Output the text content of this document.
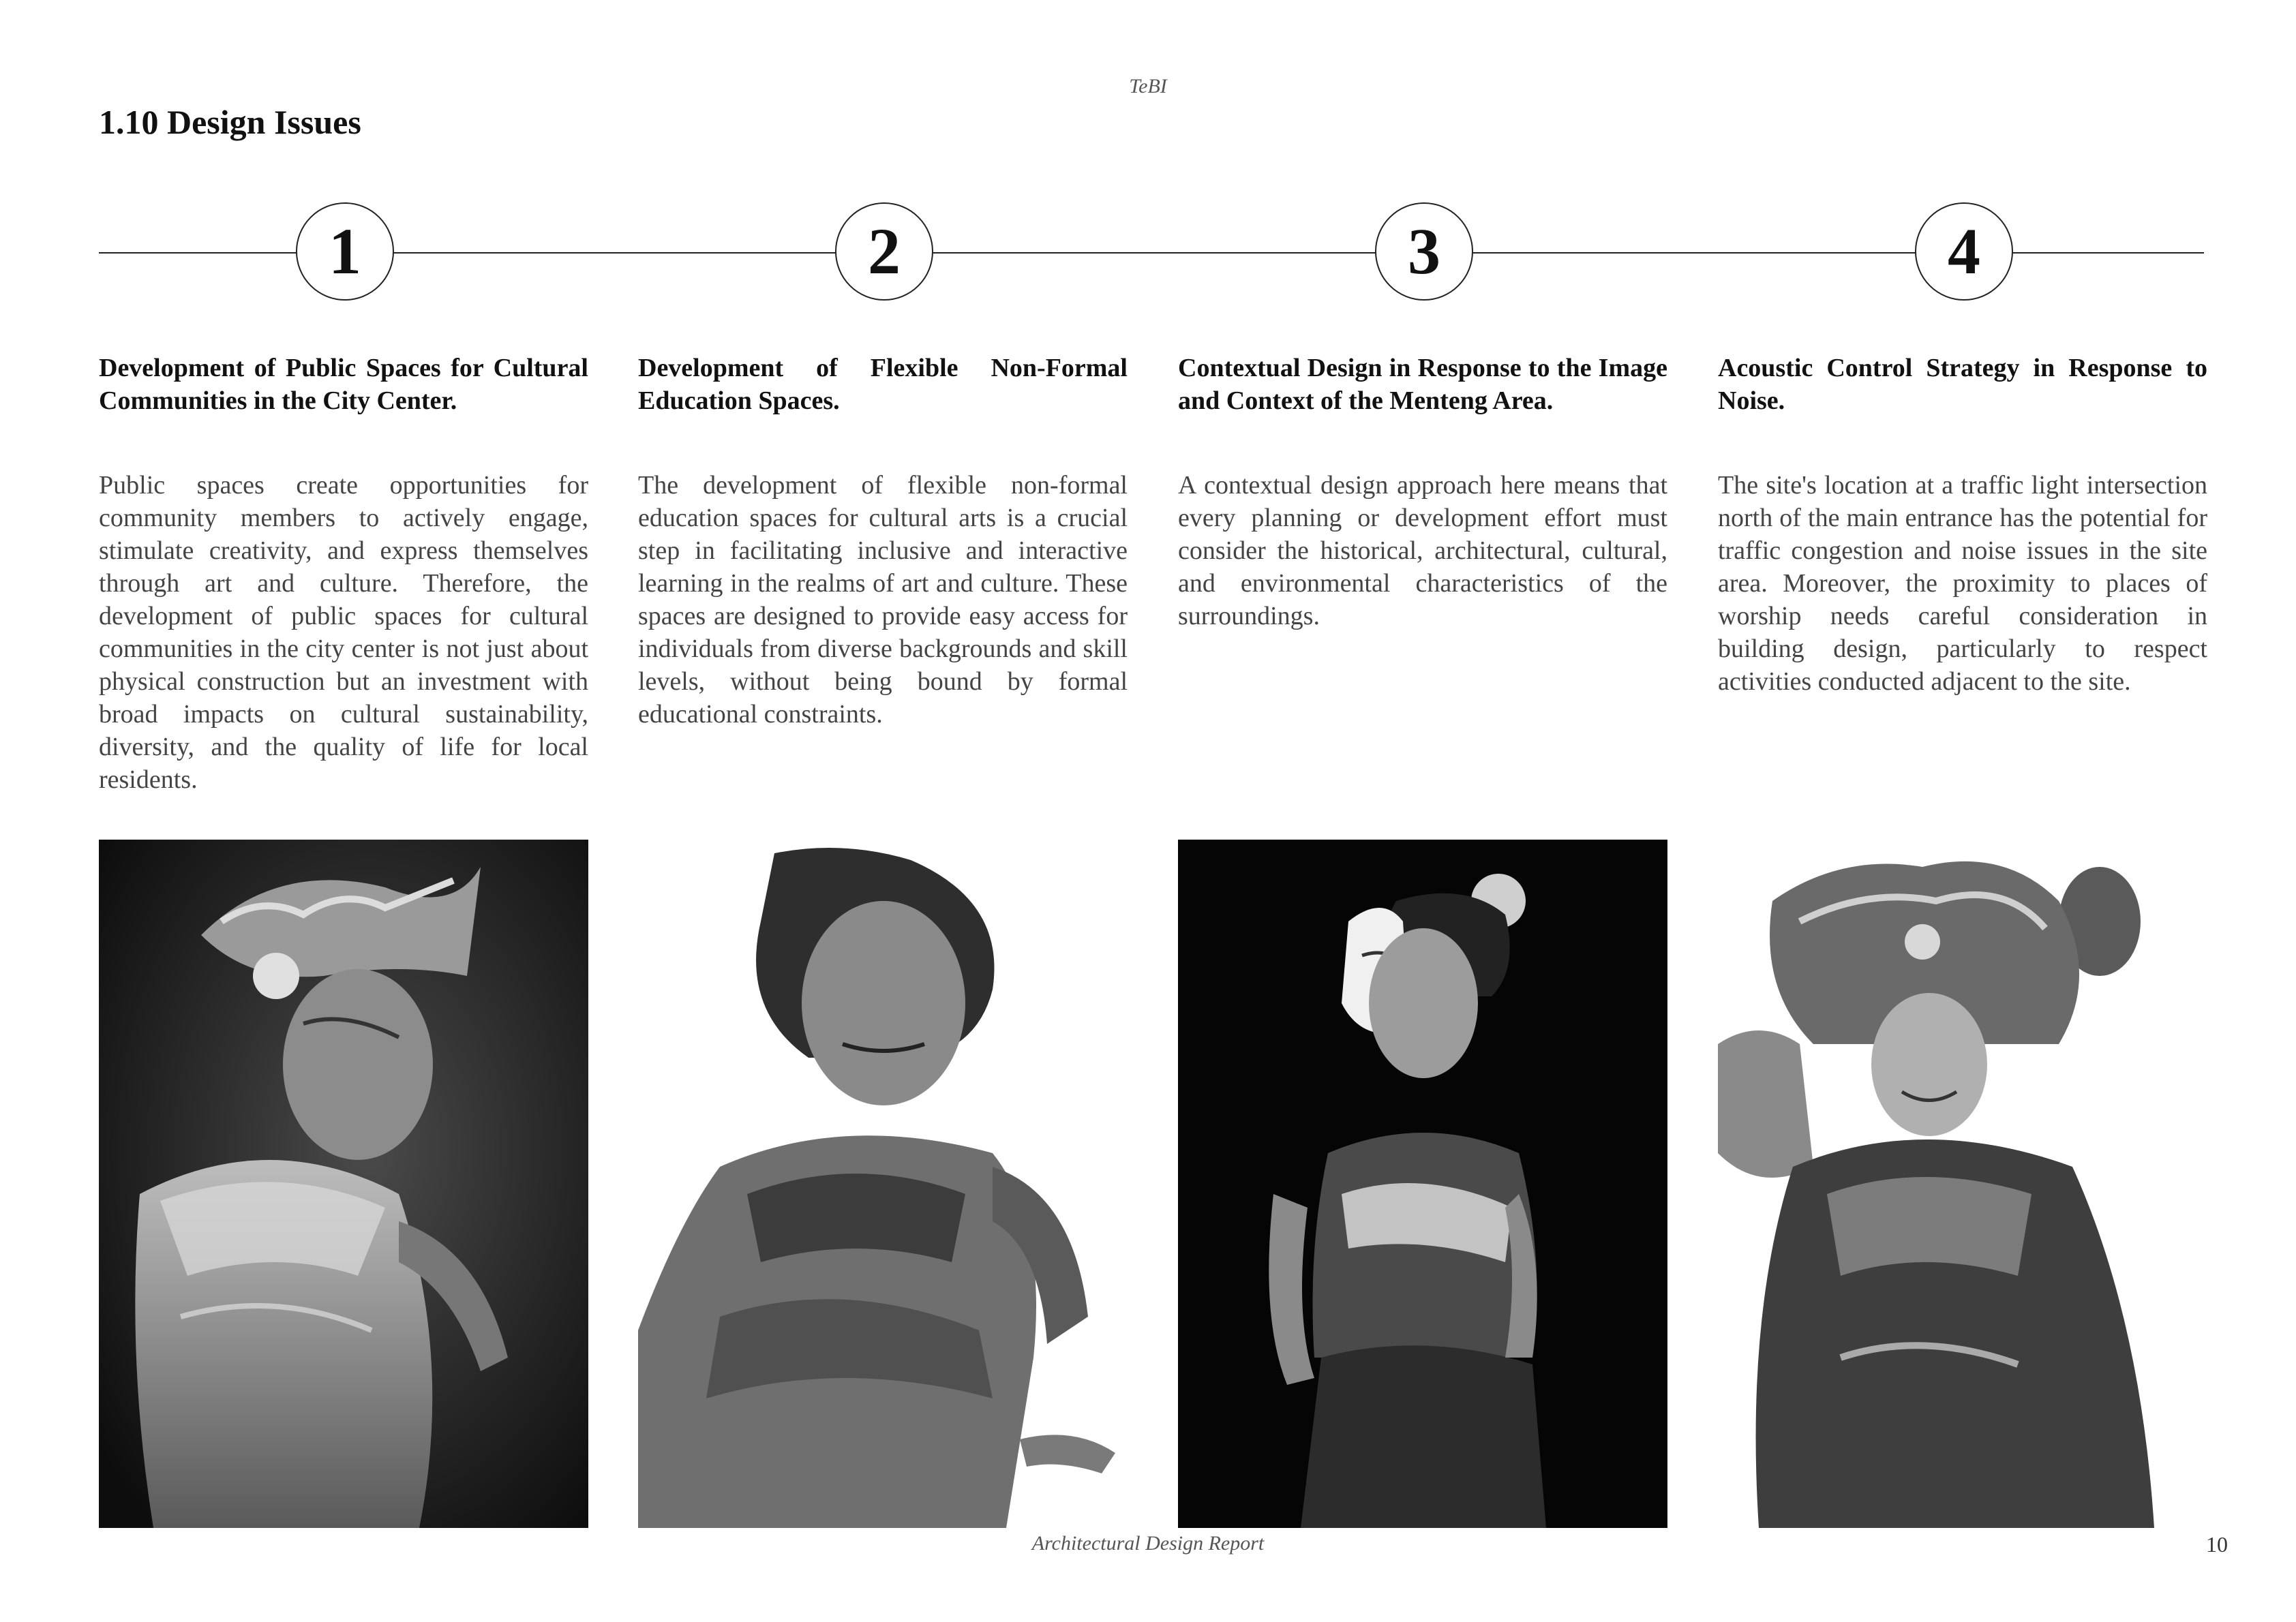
TeBI
1.10 Design Issues
1	2	3	4
Development of Public Spaces for Cultural Communities in the City Center.

Public spaces create opportunities for community members to actively engage, stimulate creativity, and express themselves through art and culture. Therefore, the development of public spaces for cultural communities in the city center is not just about physical construction but an investment with broad impacts on cultural sustainability, diversity, and the quality of life for local residents.

Development of Flexible Non-Formal Education Spaces.

The development of flexible non-formal education spaces for cultural arts is a crucial step in facilitating inclusive and interactive learning in the realms of art and culture. These spaces are designed to provide easy access for individuals from diverse backgrounds and skill levels, without being bound by formal educational constraints.

Contextual Design in Response to the Image and Context of the Menteng Area.

A contextual design approach here means that every planning or development effort must consider the historical, architectural, cultural, and environmental characteristics of the surroundings.

Acoustic Control Strategy in Response to Noise.

The site's location at a traffic light intersection north of the main entrance has the potential for traffic congestion and noise issues in the site area. Moreover, the proximity to places of worship needs careful consideration in building design, particularly to respect activities conducted adjacent to the site.

Architectural Design Report	10
